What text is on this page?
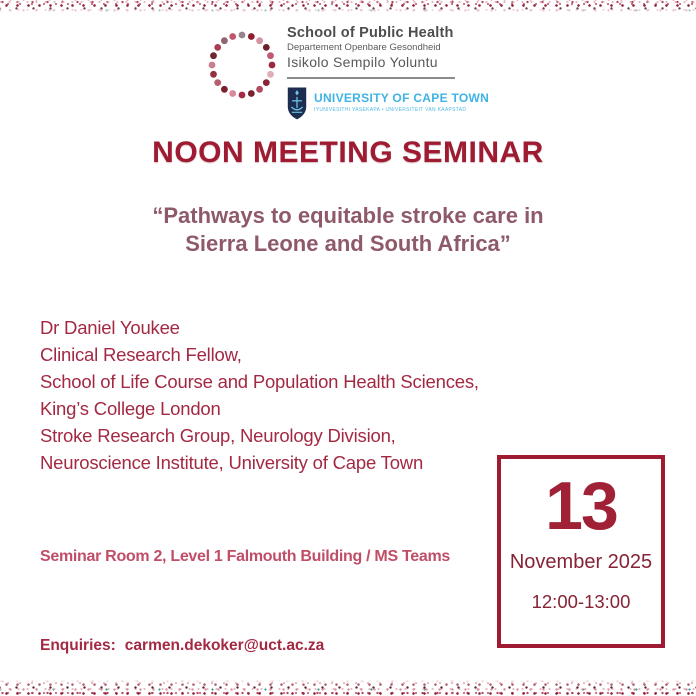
School of Public Health
Departement Openbare Gesondheid
Isikolo Sempilo Yoluntu
UNIVERSITY OF CAPE TOWN
IYUNIVESITHI YASEKAPA • UNIVERSITEIT VAN KAAPSTAD
NOON MEETING SEMINAR
“Pathways to equitable stroke care in
Sierra Leone and South Africa”
Dr Daniel Youkee
Clinical Research Fellow,
School of Life Course and Population Health Sciences,
King’s College London
Stroke Research Group, Neurology Division,
Neuroscience Institute, University of Cape Town
Seminar Room 2, Level 1 Falmouth Building / MS Teams
13
November 2025
12:00-13:00
Enquiries: carmen.dekoker@uct.ac.za
